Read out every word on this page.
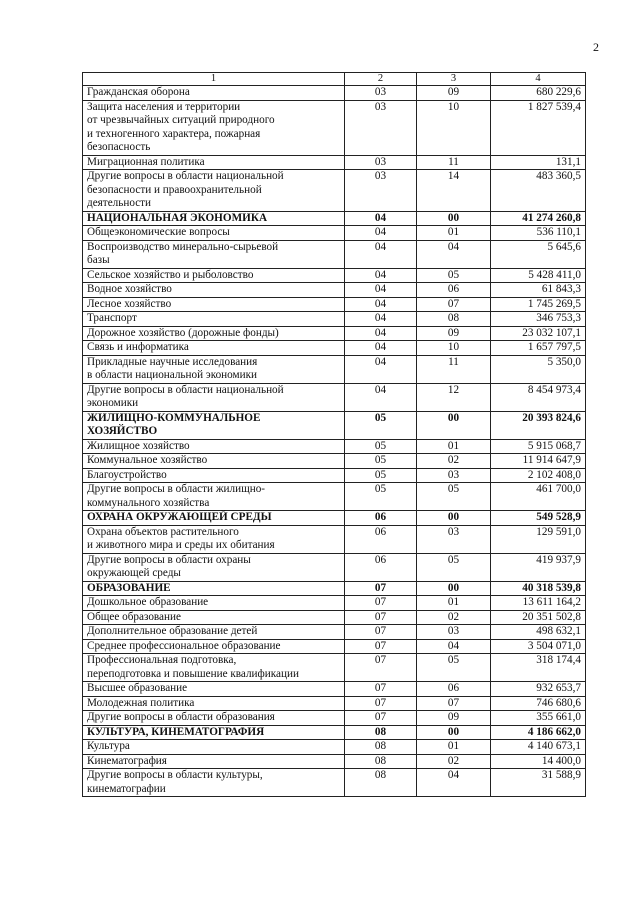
2
1	2	3	4

Гражданская оборона	03	09	680 229,6

Защита населения и территории
от чрезвычайных ситуаций природного
и техногенного характера, пожарная
безопасность	03	10	1 827 539,4

Миграционная политика	03	11	131,1

Другие вопросы в области национальной
безопасности и правоохранительной
деятельности	03	14	483 360,5

НАЦИОНАЛЬНАЯ ЭКОНОМИКА	04	00	41 274 260,8

Общеэкономические вопросы	04	01	536 110,1

Воспроизводство минерально-сырьевой
базы	04	04	5 645,6

Сельское хозяйство и рыболовство	04	05	5 428 411,0

Водное хозяйство	04	06	61 843,3

Лесное хозяйство	04	07	1 745 269,5

Транспорт	04	08	346 753,3

Дорожное хозяйство (дорожные фонды)	04	09	23 032 107,1

Связь и информатика	04	10	1 657 797,5

Прикладные научные исследования
в области национальной экономики	04	11	5 350,0

Другие вопросы в области национальной
экономики	04	12	8 454 973,4

ЖИЛИЩНО-КОММУНАЛЬНОЕ
ХОЗЯЙСТВО	05	00	20 393 824,6

Жилищное хозяйство	05	01	5 915 068,7

Коммунальное хозяйство	05	02	11 914 647,9

Благоустройство	05	03	2 102 408,0

Другие вопросы в области жилищно-
коммунального хозяйства	05	05	461 700,0

ОХРАНА ОКРУЖАЮЩЕЙ СРЕДЫ	06	00	549 528,9

Охрана объектов растительного
и животного мира и среды их обитания	06	03	129 591,0

Другие вопросы в области охраны
окружающей среды	06	05	419 937,9

ОБРАЗОВАНИЕ	07	00	40 318 539,8

Дошкольное образование	07	01	13 611 164,2

Общее образование	07	02	20 351 502,8

Дополнительное образование детей	07	03	498 632,1

Среднее профессиональное образование	07	04	3 504 071,0

Профессиональная подготовка,
переподготовка и повышение квалификации	07	05	318 174,4

Высшее образование	07	06	932 653,7

Молодежная политика	07	07	746 680,6

Другие вопросы в области образования	07	09	355 661,0

КУЛЬТУРА, КИНЕМАТОГРАФИЯ	08	00	4 186 662,0

Культура	08	01	4 140 673,1

Кинематография	08	02	14 400,0

Другие вопросы в области культуры,
кинематографии	08	04	31 588,9
